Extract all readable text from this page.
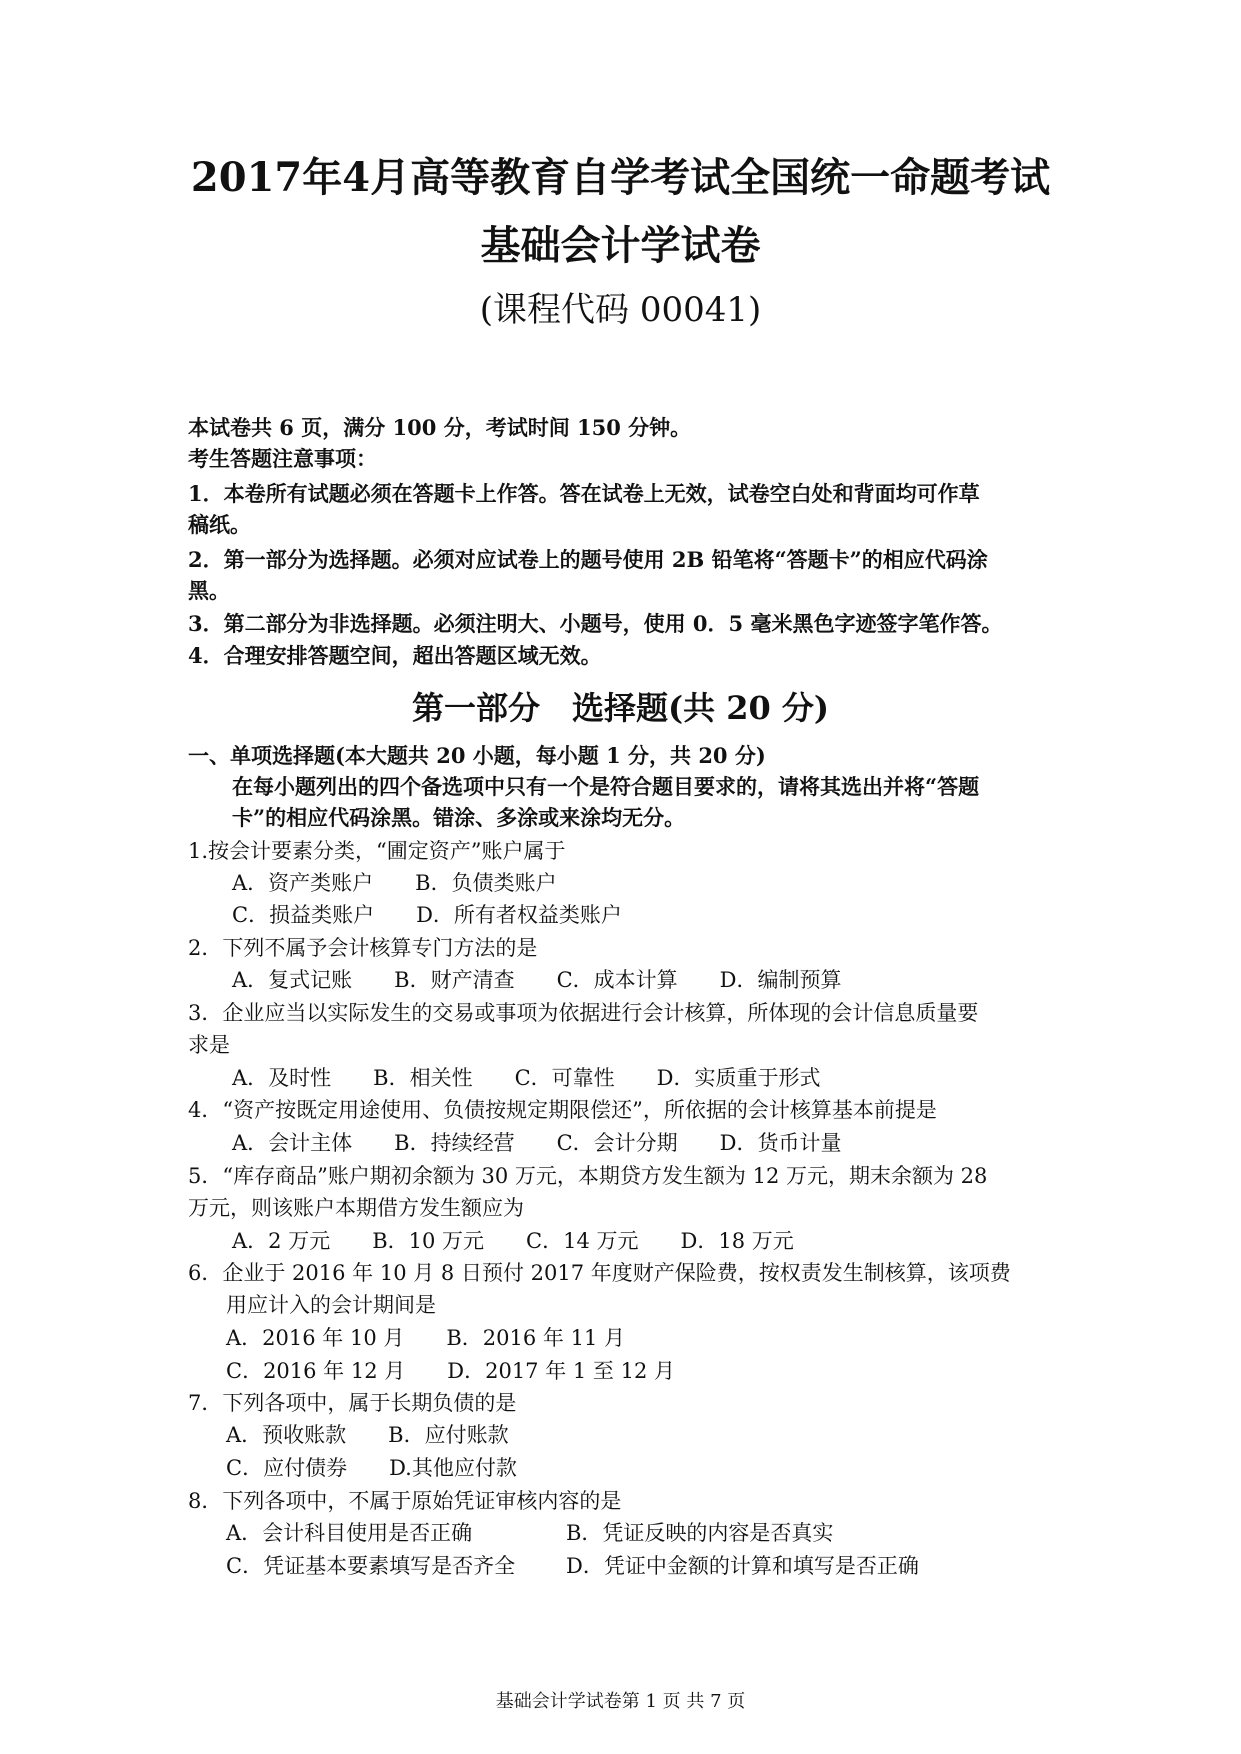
2017年4月高等教育自学考试全国统一命题考试
基础会计学试卷
(课程代码 00041)
本试卷共 6 页，满分 100 分，考试时间 150 分钟。
考生答题注意事项：
1．本卷所有试题必须在答题卡上作答。答在试卷上无效，试卷空白处和背面均可作草
稿纸。
2．第一部分为选择题。必须对应试卷上的题号使用 2B 铅笔将“答题卡”的相应代码涂
黑。
3．第二部分为非选择题。必须注明大、小题号，使用 0．5 毫米黑色字迹签字笔作答。
4．合理安排答题空间，超出答题区域无效。
第一部分　选择题(共 20 分)
一、单项选择题(本大题共 20 小题，每小题 1 分，共 20 分)
在每小题列出的四个备选项中只有一个是符合题目要求的，请将其选出并将“答题
卡”的相应代码涂黑。错涂、多涂或来涂均无分。
1.按会计要素分类，“圃定资产”账户属于
A．资产类账户　　B．负债类账户
C．损益类账户　　D．所有者权益类账户
2．下列不属予会计核算专门方法的是
A．复式记账　　B．财产清查　　C．成本计算　　D．编制预算
3．企业应当以实际发生的交易或事项为依据进行会计核算，所体现的会计信息质量要
求是
A．及时性　　B．相关性　　C．可靠性　　D．实质重于形式
4．“资产按既定用途使用、负债按规定期限偿还”，所依据的会计核算基本前提是
A．会计主体　　B．持续经营　　C．会计分期　　D．货币计量
5．“库存商品”账户期初余额为 30 万元，本期贷方发生额为 12 万元，期末余额为 28
万元，则该账户本期借方发生额应为
A．2 万元　　B．10 万元　　C．14 万元　　D．18 万元
6．企业于 2016 年 10 月 8 日预付 2017 年度财产保险费，按权责发生制核算，该项费
用应计入的会计期间是
A．2016 年 10 月　　B．2016 年 11 月
C．2016 年 12 月　　D．2017 年 1 至 12 月
7．下列各项中，属于长期负债的是
A．预收账款　　B．应付账款
C．应付债券　　D.其他应付款
8．下列各项中，不属于原始凭证审核内容的是
A．会计科目使用是否正确	B．凭证反映的内容是否真实
C．凭证基本要素填写是否齐全 D．凭证中金额的计算和填写是否正确
基础会计学试卷第 1 页 共 7 页
